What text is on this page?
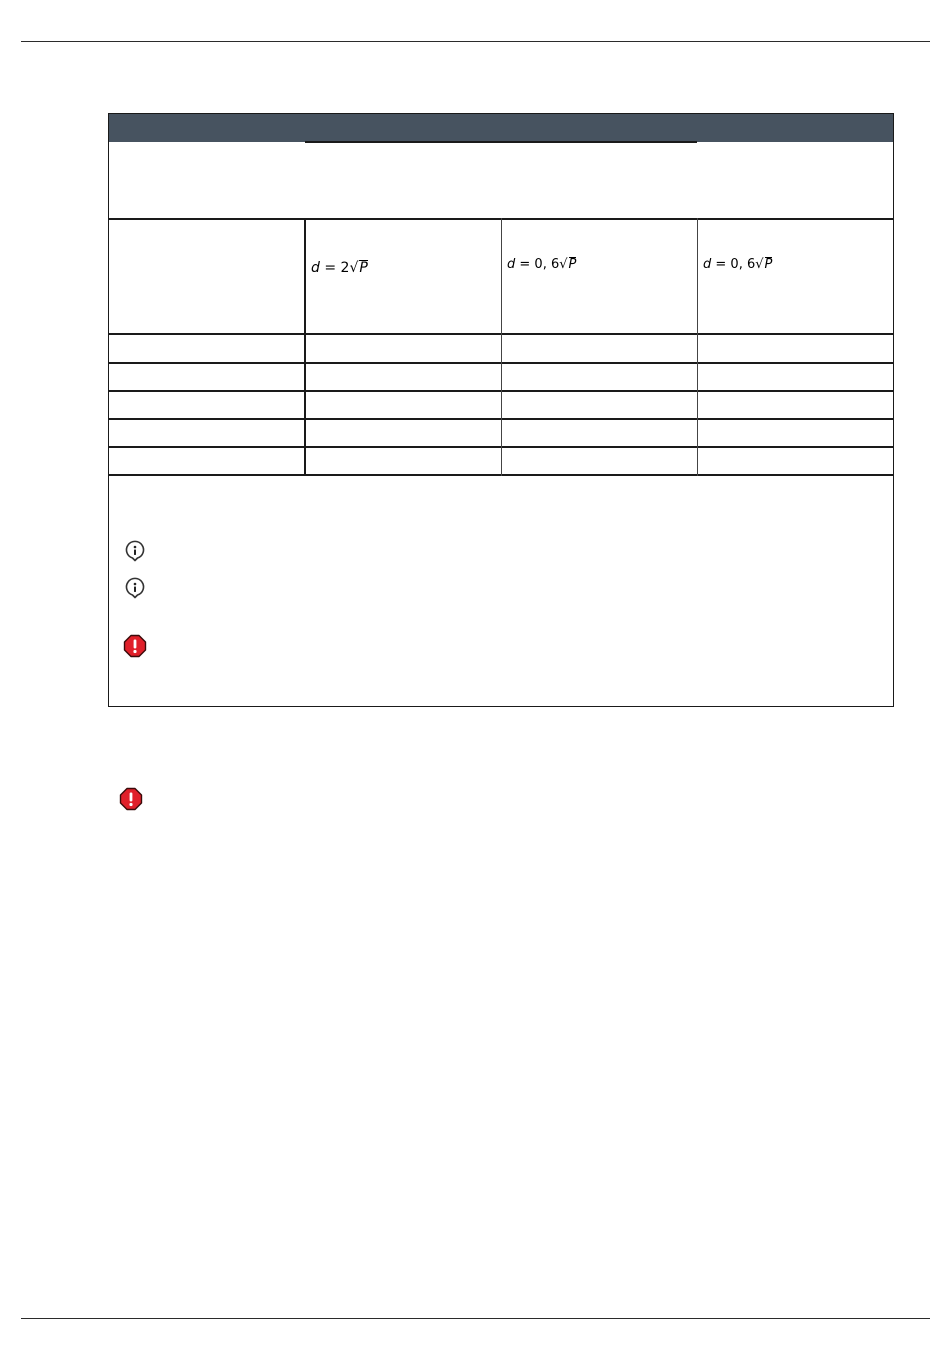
d = 2√P	d = 0, 6√P	d = 0, 6√P
